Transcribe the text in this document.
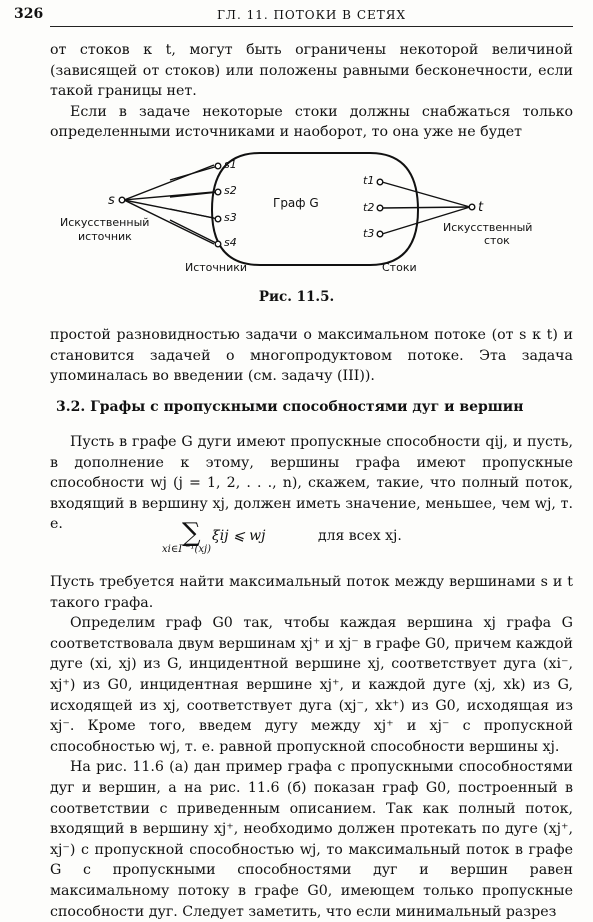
326	ГЛ. 11. ПОТОКИ В СЕТЯХ

от стоков к t, могут быть ограничены некоторой величиной (зависящей от стоков) или положены равными бесконечности, если такой границы нет.

Если в задаче некоторые стоки должны снабжаться только определенными источниками и наоборот, то она уже не будет

s	t
s1
s2
s3
s4
t1
t2
t3
Граф G
Искусственный
источник
Искусственный
сток
Источники	Стоки
Рис. 11.5.

простой разновидностью задачи о максимальном потоке (от s к t) и становится задачей о многопродуктовом потоке. Эта задача упоминалась во введении (см. задачу (III)).

3.2. Графы с пропускными способностями дуг и вершин

Пусть в графе G дуги имеют пропускные способности qij, и пусть, в дополнение к этому, вершины графа имеют пропускные способности wj (j = 1, 2, . . ., n), скажем, такие, что полный поток, входящий в вершину xj, должен иметь значение, меньшее, чем wj, т. е.	∑
xi∈Γ⁻¹(xj)
ξij ⩽ wj	для всех xj.

Пусть требуется найти максимальный поток между вершинами s и t такого графа.

Определим граф G0 так, чтобы каждая вершина xj графа G соответствовала двум вершинам xj⁺ и xj⁻ в графе G0, причем каждой дуге (xi, xj) из G, инцидентной вершине xj, соответствует дуга (xi⁻, xj⁺) из G0, инцидентная вершине xj⁺, и каждой дуге (xj, xk) из G, исходящей из xj, соответствует дуга (xj⁻, xk⁺) из G0, исходящая из xj⁻. Кроме того, введем дугу между xj⁺ и xj⁻ с пропускной способностью wj, т. е. равной пропускной способности вершины xj.

На рис. 11.6 (а) дан пример графа с пропускными способностями дуг и вершин, а на рис. 11.6 (б) показан граф G0, построенный в соответствии с приведенным описанием. Так как полный поток, входящий в вершину xj⁺, необходимо должен протекать по дуге (xj⁺, xj⁻) с пропускной способностью wj, то максимальный поток в графе G с пропускными способностями дуг и вершин равен максимальному потоку в графе G0, имеющем только пропускные способности дуг. Следует заметить, что если минимальный разрез
